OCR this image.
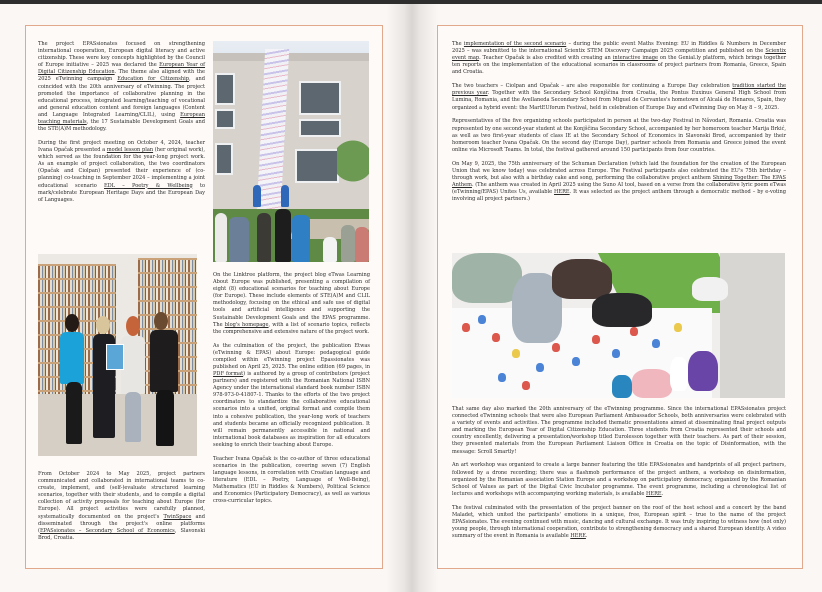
The project EPASsionates focused on strengthening international cooperation, European digital literacy and active citizenship. These were key concepts highlighted by the Council of Europe initiative – 2025 was declared the European Year of Digital Citizenship Education. The theme also aligned with the 2025 eTwinning campaign Education for Citizenship, and coincided with the 20th anniversary of eTwinning. The project promoted the importance of collaborative planning in the educational process, integrated learning/teaching of vocational and general education content and foreign languages (Content and Language Integrated Learning/CLIL), using European teaching materials, the 17 Sustainable Development Goals and the STE(A)M methodology.

During the first project meeting on October 4, 2024, teacher Ivana Opačak presented a model lesson plan (her original work), which served as the foundation for the year-long project work. As an example of project collaboration, the two coordinators (Opačak and Ciolpan) presented their experience of (co-planning) co-teaching in September 2024 – implementing a joint educational scenario EDL – Poetry & Wellbeing to mark/celebrate European Heritage Days and the European Day of Languages.

From October 2024 to May 2025, project partners communicated and collaborated in international teams to co-create, implement, and (self-)evaluate structured learning scenarios, together with their students, and to compile a digital collection of activity proposals for teaching about Europe (for Europe). All project activities were carefully planned, systematically documented on the project's TwinSpace and disseminated through the project's online platforms (EPASsionates – Secondary School of Economics, Slavonski Brod, Croatia.

On the Linktree platform, the project blog eTwas Learning About Europe was published, presenting a compilation of eight (8) educational scenarios for teaching about Europe (for Europe). These include elements of STE(A)M and CLIL methodology, focusing on the ethical and safe use of digital tools and artificial intelligence and supporting the Sustainable Development Goals and the EPAS programme. The blog's homepage, with a list of scenario topics, reflects the comprehensive and extensive nature of the project work.

As the culmination of the project, the publication Etwas (eTwinning & EPAS) about Europe: pedagogical guide compiled within eTwinning project Epassionates was published on April 25, 2025. The online edition (69 pages, in PDF format) is authored by a group of contributors (project partners) and registered with the Romanian National ISBN Agency under the international standard book number ISBN 978-973-0-41807-1. Thanks to the efforts of the two project coordinators to standardize the collaborative educational scenarios into a unified, original format and compile them into a cohesive publication, the year-long work of teachers and students became an officially recognized publication. It will remain permanently accessible in national and international book databases as inspiration for all educators seeking to enrich their teaching about Europe.

Teacher Ivana Opačak is the co-author of three educational scenarios in the publication, covering seven (7) English language lessons, in correlation with Croatian language and literature (EDL – Poetry, Language of Well-Being), Mathematics (EU in Riddles & Numbers), Political Science and Economics (Participatory Democracy), as well as various cross-curricular topics.

The implementation of the second scenario – during the public event Maths Evening: EU in Riddles & Numbers in December 2025 – was submitted to the international Scientix STEM Discovery Campaign 2025 competition and published on the Scientix event map. Teacher Opačak is also credited with creating an interactive image on the Genial.ly platform, which brings together ten reports on the implementation of the educational scenarios in classrooms of project partners from Romania, Greece, Spain and Croatia.

The two teachers – Ciolpan and Opačak – are also responsible for continuing a Europe Day celebration tradition started the previous year. Together with the Secondary School Konjščina from Croatia, the Pontus Euxinus General High School from Lumina, Romania, and the Avellaneda Secondary School from Miguel de Cervantes's hometown of Alcalá de Henares, Spain, they organized a hybrid event: the MartEUforum Festival, held in celebration of Europe Day and eTwinning Day on May 8 – 9, 2025.

Representatives of the five organizing schools participated in person at the two-day Festival in Năvodari, Romania. Croatia was represented by one second-year student at the Konjščina Secondary School, accompanied by her homeroom teacher Marija Brkić, as well as two first-year students of class IE at the Secondary School of Economics in Slavonski Brod, accompanied by their homeroom teacher Ivana Opačak. On the second day (Europe Day), partner schools from Romania and Greece joined the event online via Microsoft Teams. In total, the festival gathered around 150 participants from four countries.

On May 9, 2025, the 75th anniversary of the Schuman Declaration (which laid the foundation for the creation of the European Union that we know today) was celebrated across Europe. The Festival participants also celebrated the EU's 75th birthday – through work, but also with a birthday cake and song, performing the collaborative project anthem Shining Together: The EPAS Anthem. (The anthem was created in April 2025 using the Suno AI tool, based on a verse from the collaborative lyric poem eTwas (eTwinning/EPAS) Unites Us, available HERE. It was selected as the project anthem through a democratic method – by e-voting involving all project partners.)

That same day also marked the 20th anniversary of the eTwinning programme. Since the international EPASsionates project connected eTwinning schools that were also European Parliament Ambassador Schools, both anniversaries were celebrated with a variety of events and activities. The programme included thematic presentations aimed at disseminating final project outputs and marking the European Year of Digital Citizenship Education. Three students from Croatia represented their schools and country excellently, delivering a presentation/workshop titled Eurolesson together with their teachers. As part of their session, they presented materials from the European Parliament Liaison Office in Croatia on the topic of Disinformation, with the message: Scroll Smartly!

An art workshop was organized to create a large banner featuring the title EPASsionates and handprints of all project partners, followed by a drone recording; there was a flashmob performance of the project anthem, a workshop on disinformation, organized by the Romanian association Station Europe and a workshop on participatory democracy, organized by the Romanian School of Values as part of the Digital Civic Incubator programme. The event programme, including a chronological list of lectures and workshops with accompanying working materials, is available HERE.

The festival culminated with the presentation of the project banner on the roof of the host school and a concert by the band Maladeț, which united the participants' emotions in a unique, free, European spirit – true to the name of the project EPASsionates. The evening continued with music, dancing and cultural exchange. It was truly inspiring to witness how (not only) young people, through international cooperation, contribute to strengthening democracy and a shared European identity. A video summary of the event in Romania is available HERE.
